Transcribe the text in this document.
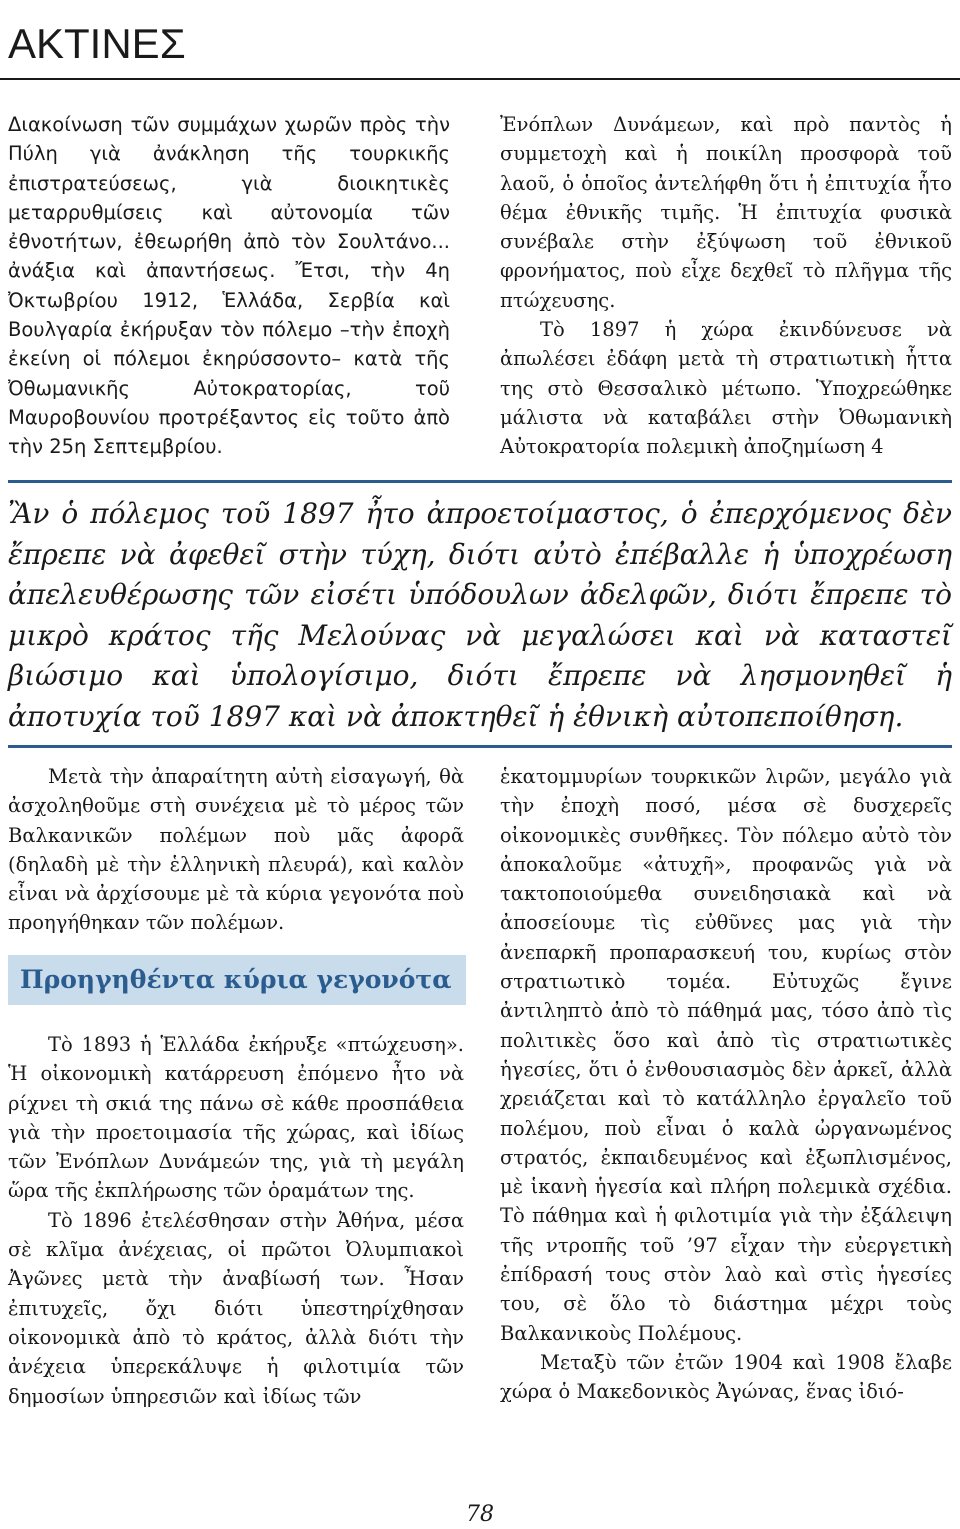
ΑΚΤΙΝΕΣ

Διακοίνωση τῶν συμμάχων χωρῶν πρὸς τὴν Πύλη γιὰ ἀνάκληση τῆς τουρκικῆς ἐπιστρατεύσεως, γιὰ διοικητικὲς μεταρρυθμίσεις καὶ αὐτονομία τῶν ἐθνοτήτων, ἐθεωρήθη ἀπὸ τὸν Σουλτάνο... ἀνάξια καὶ ἀπαντήσεως. Ἔτσι, τὴν 4η Ὀκτωβρίου 1912, Ἑλλάδα, Σερβία καὶ Βουλγαρία ἐκήρυξαν τὸν πόλεμο –τὴν ἐποχὴ ἐκείνη οἱ πόλεμοι ἐκηρύσσοντο– κατὰ τῆς Ὀθωμανικῆς Αὐτοκρατορίας, τοῦ Μαυροβουνίου προτρέξαντος εἰς τοῦτο ἀπὸ τὴν 25η Σεπτεμβρίου.

Ἐνόπλων Δυνάμεων, καὶ πρὸ παντὸς ἡ συμμετοχὴ καὶ ἡ ποικίλη προσφορὰ τοῦ λαοῦ, ὁ ὁποῖος ἀντελήφθη ὅτι ἡ ἐπιτυχία ἦτο θέμα ἐθνικῆς τιμῆς. Ἡ ἐπιτυχία φυσικὰ συνέβαλε στὴν ἐξύψωση τοῦ ἐθνικοῦ φρονήματος, ποὺ εἶχε δεχθεῖ τὸ πλῆγμα τῆς πτώχευσης.

Τὸ 1897 ἡ χώρα ἐκινδύνευσε νὰ ἀπωλέσει ἐδάφη μετὰ τὴ στρατιωτικὴ ἧττα της στὸ Θεσσαλικὸ μέτωπο. Ὑποχρεώθηκε μάλιστα νὰ καταβάλει στὴν Ὀθωμανικὴ Αὐτοκρατορία πολεμικὴ ἀποζημίωση 4

Ἂν ὁ πόλεμος τοῦ 1897 ἦτο ἀπροετοίμαστος, ὁ ἐπερχόμενος δὲν ἔπρεπε νὰ ἀφεθεῖ στὴν τύχη, διότι αὐτὸ ἐπέβαλλε ἡ ὑποχρέωση ἀπελευθέρωσης τῶν εἰσέτι ὑπόδουλων ἀδελφῶν, διότι ἔπρεπε τὸ μικρὸ κράτος τῆς Μελούνας νὰ μεγαλώσει καὶ νὰ καταστεῖ βιώσιμο καὶ ὑπολογίσιμο, διότι ἔπρεπε νὰ λησμονηθεῖ ἡ ἀποτυχία τοῦ 1897 καὶ νὰ ἀποκτηθεῖ ἡ ἐθνικὴ αὐτοπεποίθηση.

Μετὰ τὴν ἀπαραίτητη αὐτὴ εἰσαγωγή, θὰ ἀσχοληθοῦμε στὴ συνέχεια μὲ τὸ μέρος τῶν Βαλκανικῶν πολέμων ποὺ μᾶς ἀφορᾶ (δηλαδὴ μὲ τὴν ἑλληνικὴ πλευρά), καὶ καλὸν εἶναι νὰ ἀρχίσουμε μὲ τὰ κύρια γεγονότα ποὺ προηγήθηκαν τῶν πολέμων.

Προηγηθέντα κύρια γεγονότα

Τὸ 1893 ἡ Ἑλλάδα ἐκήρυξε «πτώχευση». Ἡ οἰκονομικὴ κατάρρευση ἐπόμενο ἦτο νὰ ρίχνει τὴ σκιά της πάνω σὲ κάθε προσπάθεια γιὰ τὴν προετοιμασία τῆς χώρας, καὶ ἰδίως τῶν Ἐνόπλων Δυνάμεών της, γιὰ τὴ μεγάλη ὥρα τῆς ἐκπλήρωσης τῶν ὁραμάτων της.

Τὸ 1896 ἐτελέσθησαν στὴν Ἀθήνα, μέσα σὲ κλῖμα ἀνέχειας, οἱ πρῶτοι Ὀλυμπιακοὶ Ἀγῶνες μετὰ τὴν ἀναβίωσή των. Ἦσαν ἐπιτυχεῖς, ὄχι διότι ὑπεστηρίχθησαν οἰκονομικὰ ἀπὸ τὸ κράτος, ἀλλὰ διότι τὴν ἀνέχεια ὑπερεκάλυψε ἡ φιλοτιμία τῶν δημοσίων ὑπηρεσιῶν καὶ ἰδίως τῶν

ἑκατομμυρίων τουρκικῶν λιρῶν, μεγάλο γιὰ τὴν ἐποχὴ ποσό, μέσα σὲ δυσχερεῖς οἰκονομικὲς συνθῆκες. Τὸν πόλεμο αὐτὸ τὸν ἀποκαλοῦμε «ἀτυχῆ», προφανῶς γιὰ νὰ τακτοποιούμεθα συνειδησιακὰ καὶ νὰ ἀποσείουμε τὶς εὐθῦνες μας γιὰ τὴν ἀνεπαρκῆ προπαρασκευή του, κυρίως στὸν στρατιωτικὸ τομέα. Εὐτυχῶς ἔγινε ἀντιληπτὸ ἀπὸ τὸ πάθημά μας, τόσο ἀπὸ τὶς πολιτικὲς ὅσο καὶ ἀπὸ τὶς στρατιωτικὲς ἡγεσίες, ὅτι ὁ ἐνθουσιασμὸς δὲν ἀρκεῖ, ἀλλὰ χρειάζεται καὶ τὸ κατάλληλο ἐργαλεῖο τοῦ πολέμου, ποὺ εἶναι ὁ καλὰ ὠργανωμένος στρατός, ἐκπαιδευμένος καὶ ἐξωπλισμένος, μὲ ἱκανὴ ἡγεσία καὶ πλήρη πολεμικὰ σχέδια. Τὸ πάθημα καὶ ἡ φιλοτιμία γιὰ τὴν ἐξάλειψη τῆς ντροπῆς τοῦ ’97 εἶχαν τὴν εὐεργετικὴ ἐπίδρασή τους στὸν λαὸ καὶ στὶς ἡγεσίες του, σὲ ὅλο τὸ διάστημα μέχρι τοὺς Βαλκανικοὺς Πολέμους.

Μεταξὺ τῶν ἐτῶν 1904 καὶ 1908 ἔλαβε χώρα ὁ Μακεδονικὸς Ἀγώνας, ἕνας ἰδιό-

78
